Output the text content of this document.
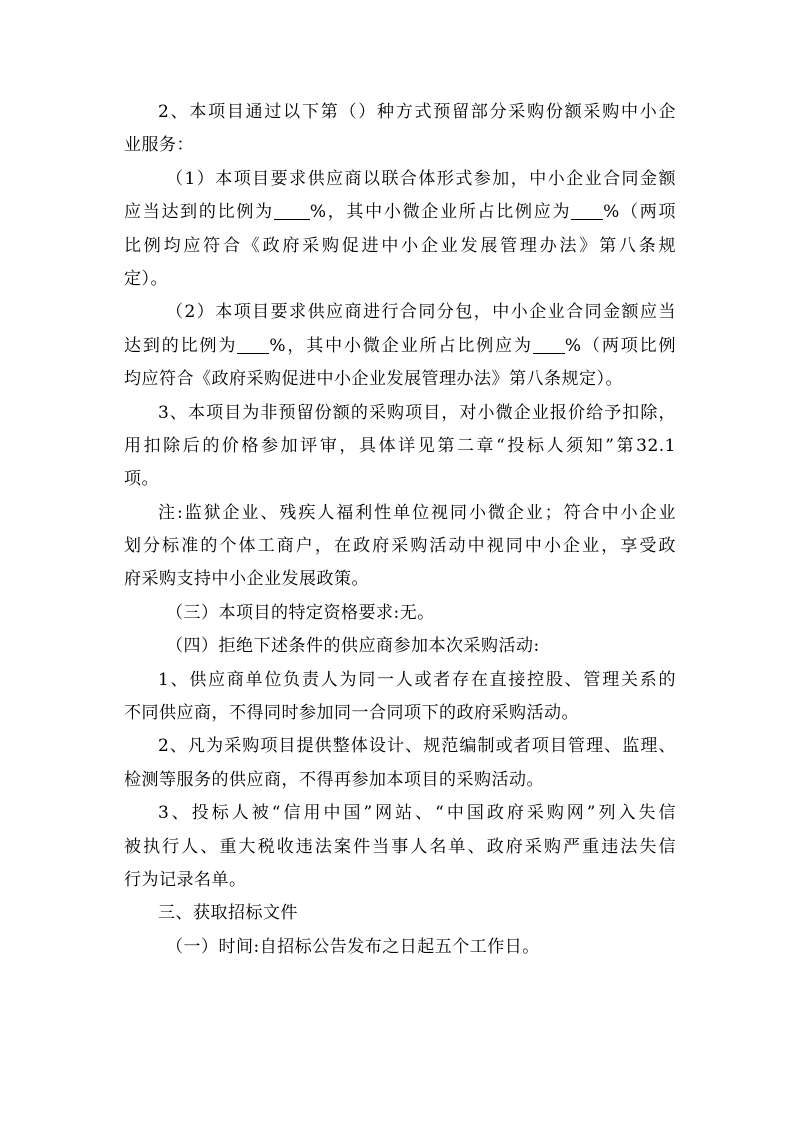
2、本项目通过以下第（）种方式预留部分采购份额采购中小企
业服务：
（1）本项目要求供应商以联合体形式参加，中小企业合同金额
应当达到的比例为 %，其中小微企业所占比例应为 %（两项
比例均应符合《政府采购促进中小企业发展管理办法》第八条规
定）。
（2）本项目要求供应商进行合同分包，中小企业合同金额应当
达到的比例为 %，其中小微企业所占比例应为 %（两项比例
均应符合《政府采购促进中小企业发展管理办法》第八条规定）。
3、本项目为非预留份额的采购项目，对小微企业报价给予扣除，
用扣除后的价格参加评审，具体详见第二章“投标人须知”第32.1
项。
注:监狱企业、残疾人福利性单位视同小微企业；符合中小企业
划分标准的个体工商户，在政府采购活动中视同中小企业，享受政
府采购支持中小企业发展政策。
（三）本项目的特定资格要求:无。
（四）拒绝下述条件的供应商参加本次采购活动:
1、供应商单位负责人为同一人或者存在直接控股、管理关系的
不同供应商，不得同时参加同一合同项下的政府采购活动。
2、凡为采购项目提供整体设计、规范编制或者项目管理、监理、
检测等服务的供应商，不得再参加本项目的采购活动。
3、投标人被“信用中国”网站、“中国政府采购网”列入失信
被执行人、重大税收违法案件当事人名单、政府采购严重违法失信
行为记录名单。
三、获取招标文件
（一）时间:自招标公告发布之日起五个工作日。
